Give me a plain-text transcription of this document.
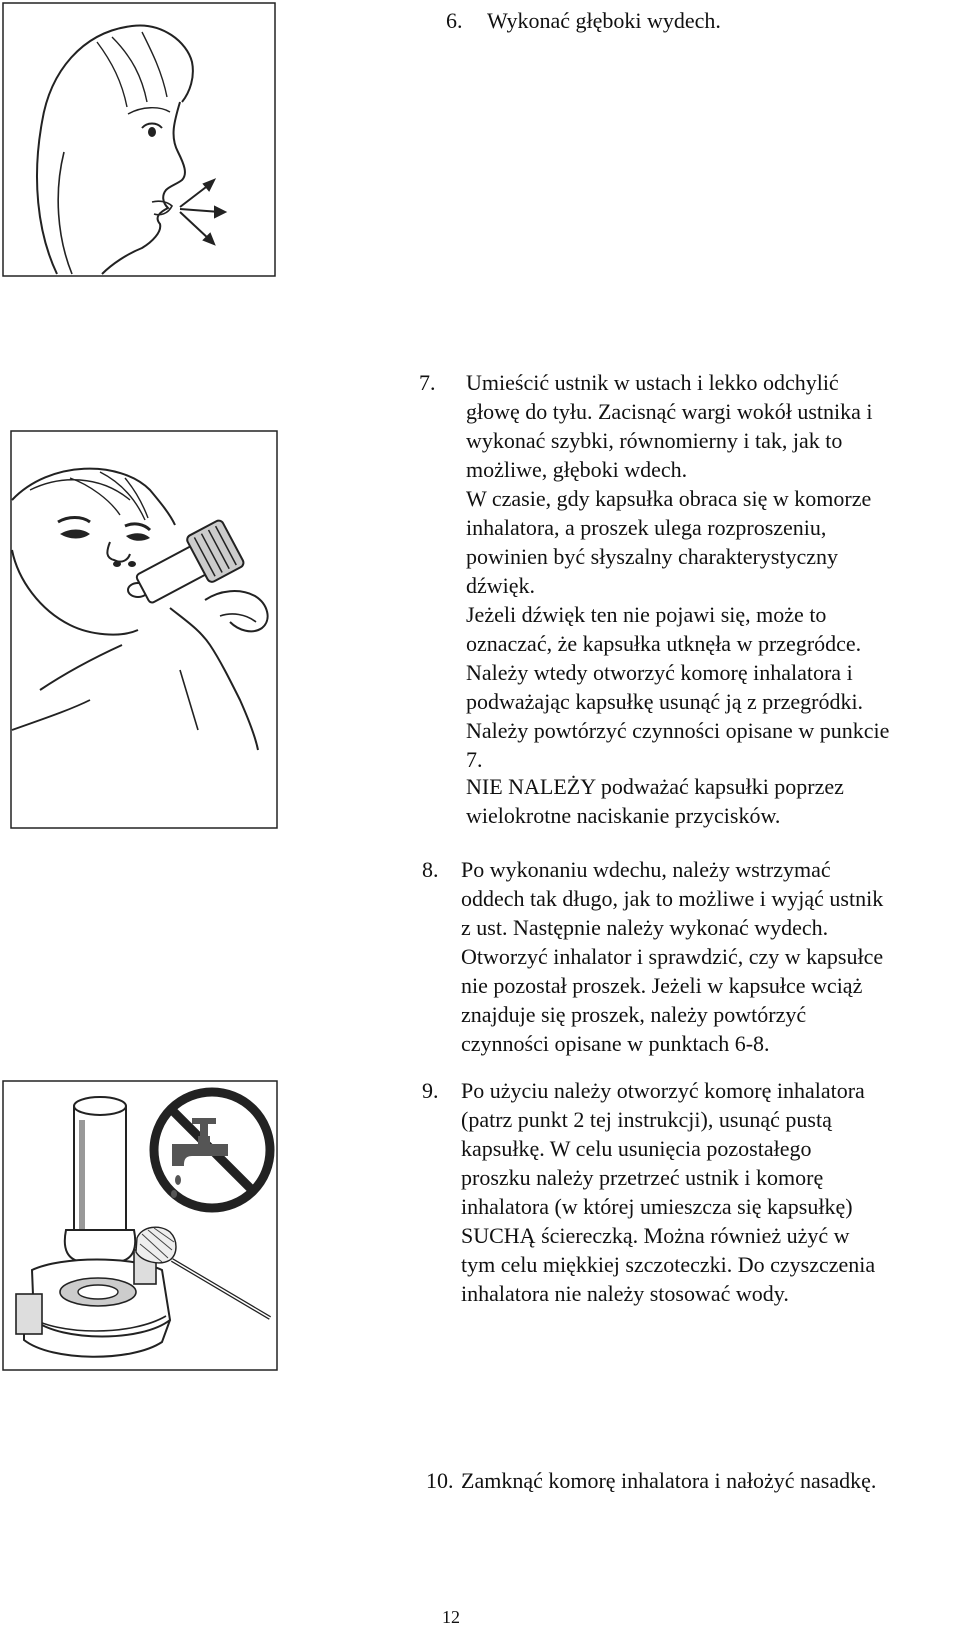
6. Wykonać głęboki wydech.
7. Umieścić ustnik w ustach i lekko odchylić
głowę do tyłu. Zacisnąć wargi wokół ustnika i
wykonać szybki, równomierny i tak, jak to
możliwe, głęboki wdech.
W czasie, gdy kapsułka obraca się w komorze
inhalatora, a proszek ulega rozproszeniu,
powinien być słyszalny charakterystyczny
dźwięk.
Jeżeli dźwięk ten nie pojawi się, może to
oznaczać, że kapsułka utknęła w przegródce.
Należy wtedy otworzyć komorę inhalatora i
podważając kapsułkę usunąć ją z przegródki.
Należy powtórzyć czynności opisane w punkcie
7.
NIE NALEŻY podważać kapsułki poprzez
wielokrotne naciskanie przycisków.
8. Po wykonaniu wdechu, należy wstrzymać
oddech tak długo, jak to możliwe i wyjąć ustnik
z ust. Następnie należy wykonać wydech.
Otworzyć inhalator i sprawdzić, czy w kapsułce
nie pozostał proszek. Jeżeli w kapsułce wciąż
znajduje się proszek, należy powtórzyć
czynności opisane w punktach 6-8.
9. Po użyciu należy otworzyć komorę inhalatora
(patrz punkt 2 tej instrukcji), usunąć pustą
kapsułkę. W celu usunięcia pozostałego
proszku należy przetrzeć ustnik i komorę
inhalatora (w której umieszcza się kapsułkę)
SUCHĄ ściereczką. Można również użyć w
tym celu miękkiej szczoteczki. Do czyszczenia
inhalatora nie należy stosować wody.
10. Zamknąć komorę inhalatora i nałożyć nasadkę.
12
